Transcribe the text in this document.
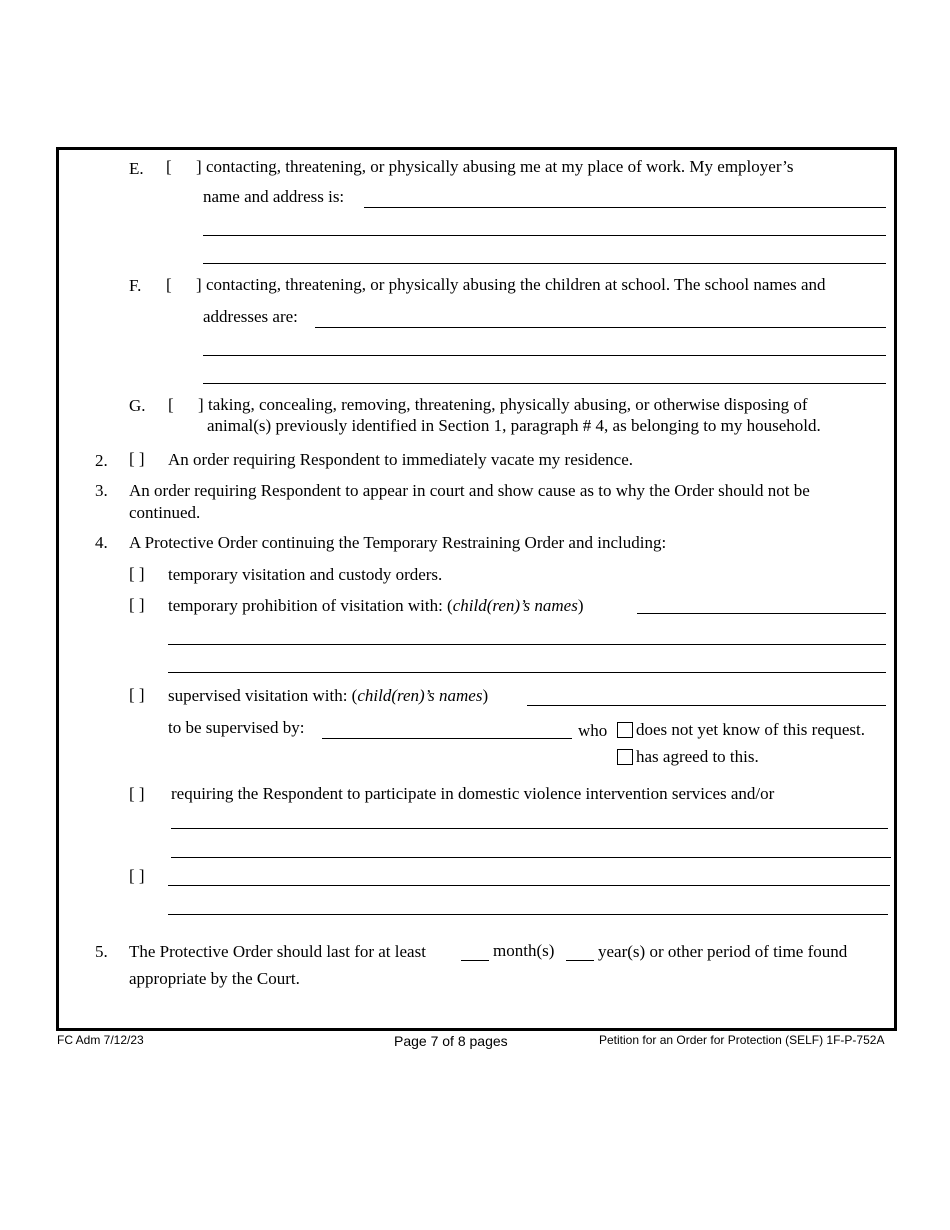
E. [ ] contacting, threatening, or physically abusing me at my place of work. My employer’s
name and address is:
F. [ ] contacting, threatening, or physically abusing the children at school. The school names and
addresses are:
G. [ ] taking, concealing, removing, threatening, physically abusing, or otherwise disposing of
animal(s) previously identified in Section 1, paragraph # 4, as belonging to my household.
2. [ ] An order requiring Respondent to immediately vacate my residence.
3. An order requiring Respondent to appear in court and show cause as to why the Order should not be
continued.
4. A Protective Order continuing the Temporary Restraining Order and including:
[ ] temporary visitation and custody orders.
[ ] temporary prohibition of visitation with: (child(ren)’s names)
[ ] supervised visitation with: (child(ren)’s names)
to be supervised by:	who does not yet know of this request.
has agreed to this.
[ ] requiring the Respondent to participate in domestic violence intervention services and/or
[ ]
5. The Protective Order should last for at least	month(s)	year(s) or other period of time found
appropriate by the Court.
FC Adm 7/12/23	Page 7 of 8 pages	Petition for an Order for Protection (SELF) 1F-P-752A
